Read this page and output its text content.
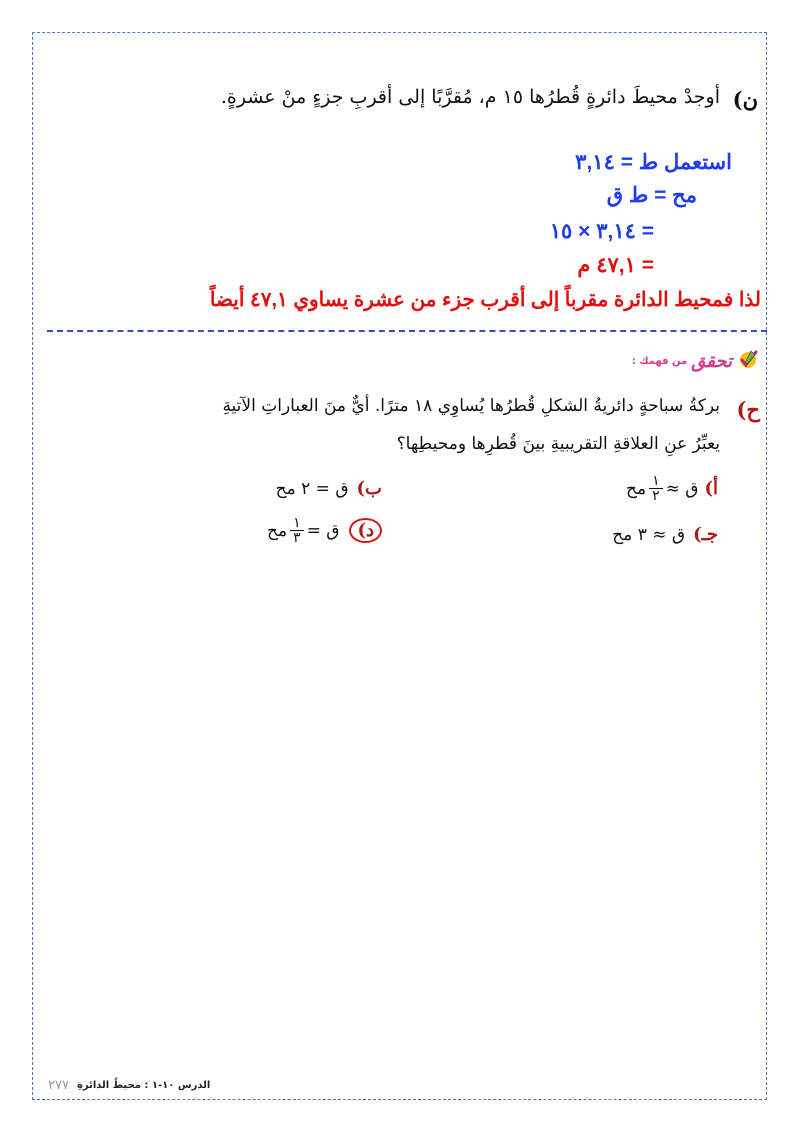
ن)
أوجدْ محيطَ دائرةٍ قُطرُها ١٥ م، مُقرَّبًا إلى أقربِ جزءٍ منْ عشرةٍ.
استعمل ط = ٣,١٤
مح = ط ق
= ٣,١٤ × ١٥
= ٤٧,١ م
لذا فمحيط الدائرة مقرباً إلى أقرب جزء من عشرة يساوي ٤٧,١ أيضاً
تحقق
من فهمك :
ح)
بركةُ سباحةٍ دائريةُ الشكلِ قُطرُها يُساوِي ١٨ مترًا. أيٌّ منَ العباراتِ الآتيةِ
يعبِّرُ عنِ العلاقةِ التقريبيةِ بينَ قُطرِها ومحيطِها؟
أ)
ق ≈
$\frac{١}{٢}$
مح
ب)
ق = ٢ مح
جـ)
ق ≈ ٣ مح
د)
ق =
$\frac{١}{٣}$
مح
الدرس ١٠-١ : محيطُ الدائرةِ
٢٧٧
